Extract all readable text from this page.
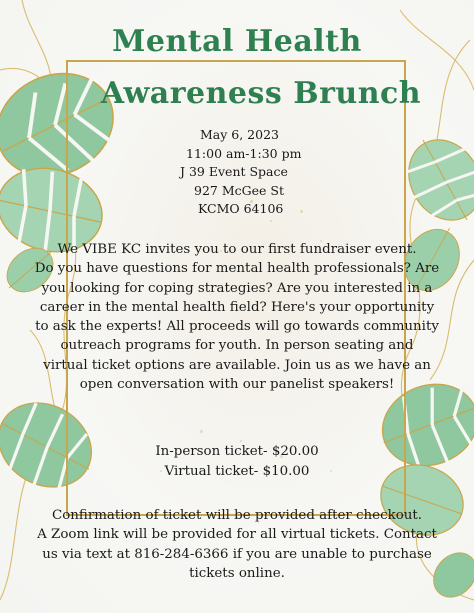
Mental Health
Awareness Brunch
May 6, 2023
11:00 am-1:30 pm
J 39 Event Space
927 McGee St
KCMO 64106
We VIBE KC invites you to our first fundraiser event.
Do you have questions for mental health professionals? Are
you looking for coping strategies? Are you interested in a
career in the mental health field? Here's your opportunity
to ask the experts! All proceeds will go towards community
outreach programs for youth. In person seating and
virtual ticket options are available. Join us as we have an
open conversation with our panelist speakers!
In-person ticket- $20.00
Virtual ticket- $10.00
Confirmation of ticket will be provided after checkout.
A Zoom link will be provided for all virtual tickets. Contact
us via text at 816-284-6366 if you are unable to purchase
tickets online.
